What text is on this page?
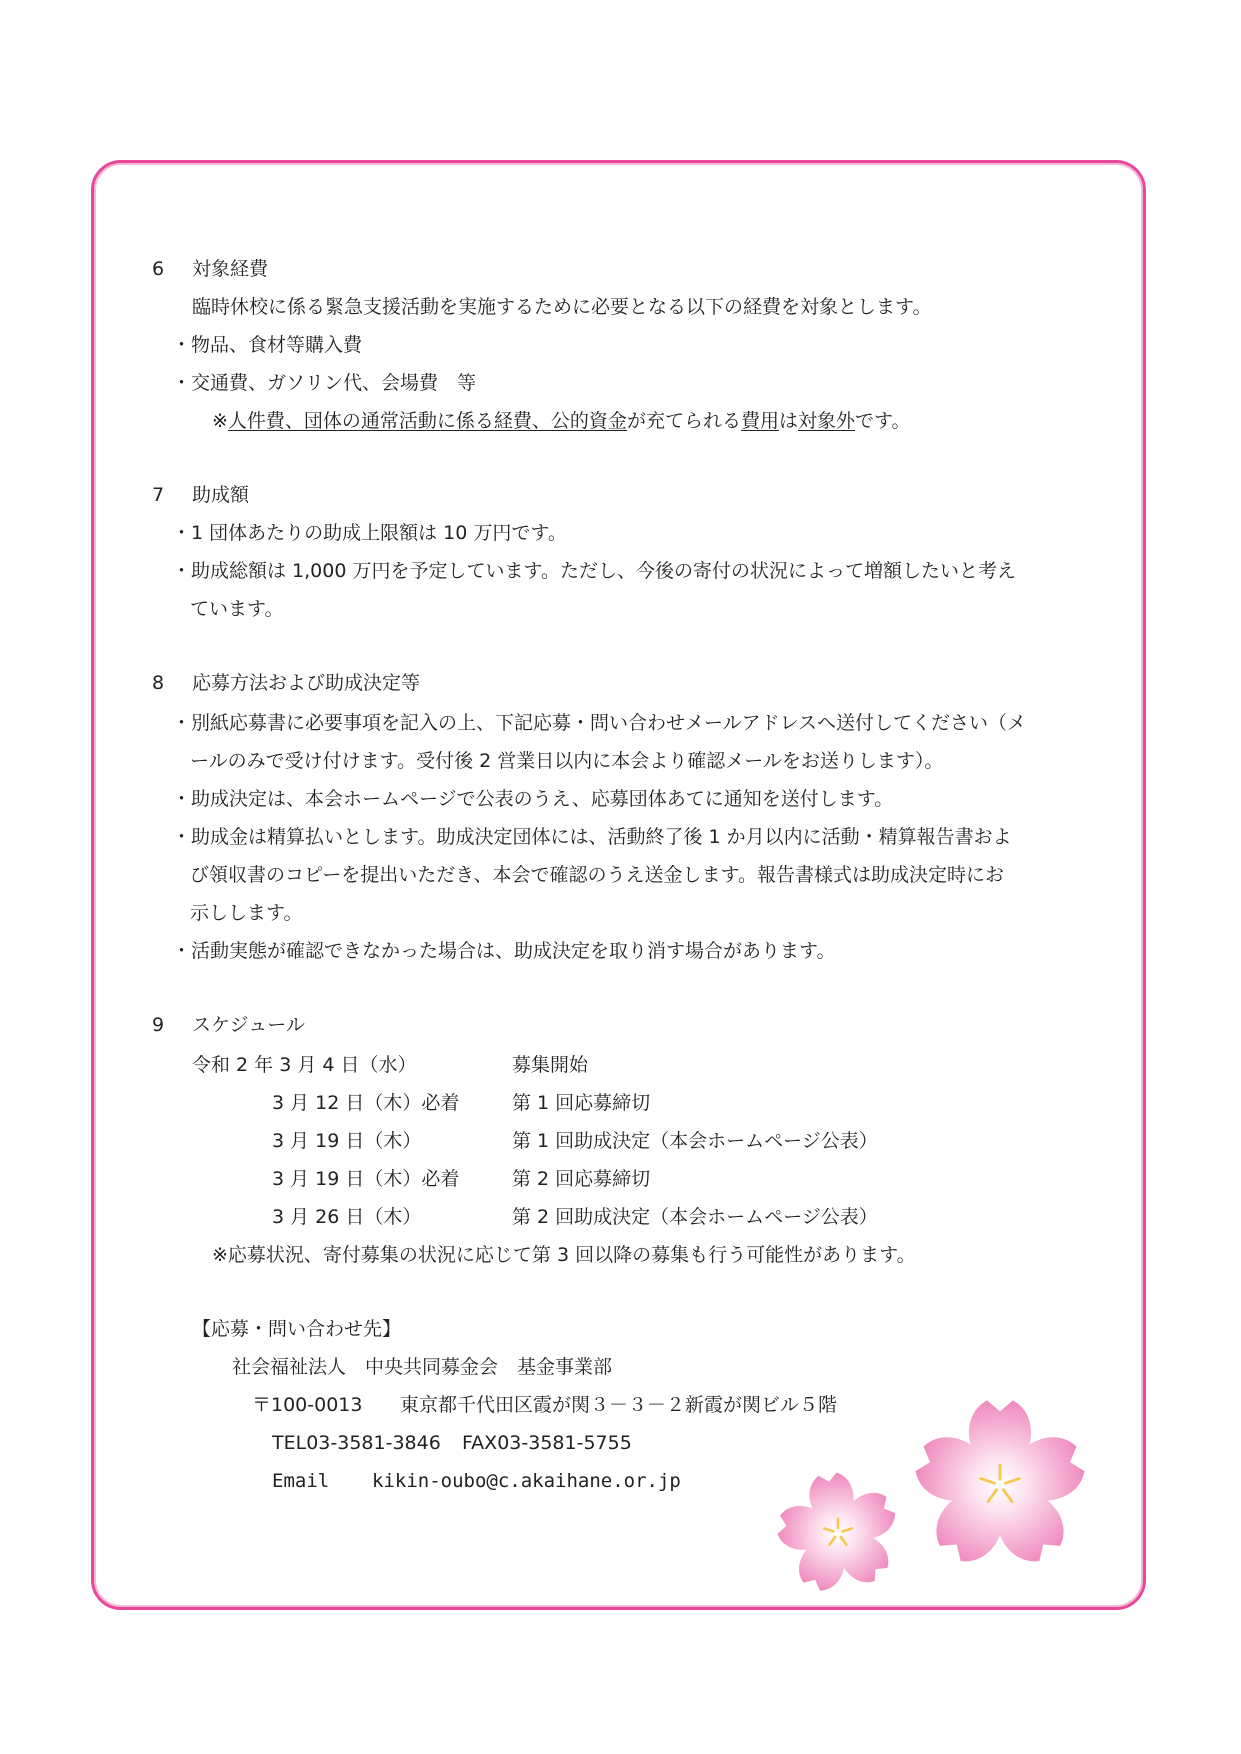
6 対象経費
臨時休校に係る緊急支援活動を実施するために必要となる以下の経費を対象とします。
・物品、食材等購入費
・交通費、ガソリン代、会場費　等
※人件費、団体の通常活動に係る経費、公的資金が充てられる費用は対象外です。
7 助成額
・1 団体あたりの助成上限額は 10 万円です。
・助成総額は 1,000 万円を予定しています。ただし、今後の寄付の状況によって増額したいと考え
ています。
8 応募方法および助成決定等
・別紙応募書に必要事項を記入の上、下記応募・問い合わせメールアドレスへ送付してください（メ
ールのみで受け付けます。受付後 2 営業日以内に本会より確認メールをお送りします）。
・助成決定は、本会ホームページで公表のうえ、応募団体あてに通知を送付します。
・助成金は精算払いとします。助成決定団体には、活動終了後 1 か月以内に活動・精算報告書およ
び領収書のコピーを提出いただき、本会で確認のうえ送金します。報告書様式は助成決定時にお
示しします。
・活動実態が確認できなかった場合は、助成決定を取り消す場合があります。
9 スケジュール
令和 2 年 3 月 4 日（水）	募集開始
3 月 12 日（木）必着	第 1 回応募締切
3 月 19 日（木）	第 1 回助成決定（本会ホームページ公表）
3 月 19 日（木）必着	第 2 回応募締切
3 月 26 日（木）	第 2 回助成決定（本会ホームページ公表）
※応募状況、寄付募集の状況に応じて第 3 回以降の募集も行う可能性があります。
【応募・問い合わせ先】
社会福祉法人　中央共同募金会　基金事業部
〒100-0013 東京都千代田区霞が関３－３－２新霞が関ビル５階
TEL03-3581-3846 FAX03-3581-5755
Email kikin-oubo@c.akaihane.or.jp
